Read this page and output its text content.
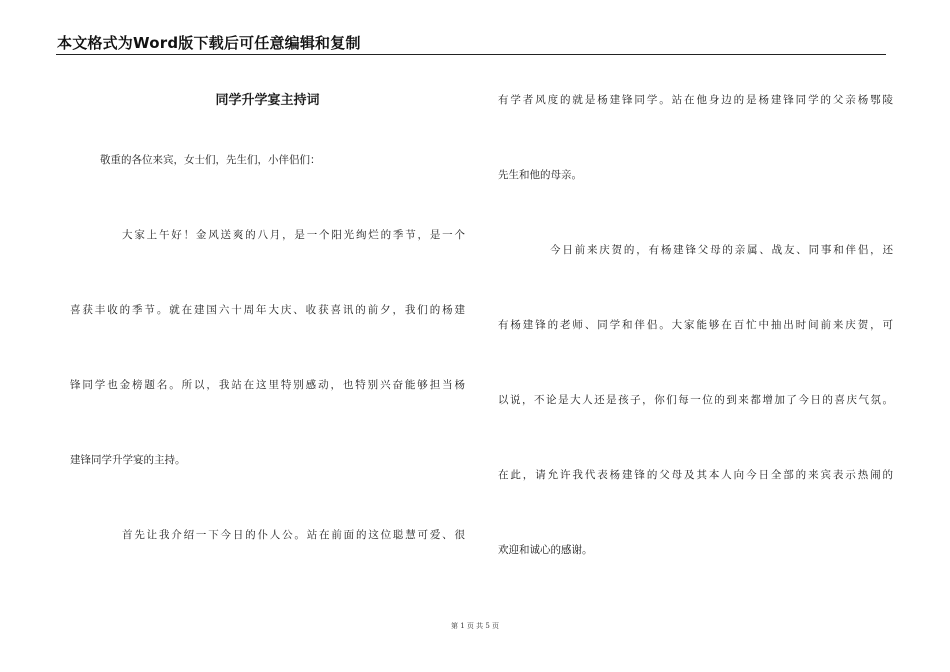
本文格式为Word版下载后可任意编辑和复制
同学升学宴主持词
敬重的各位来宾，女士们，先生们，小伴侣们：
大家上午好！金风送爽的八月，是一个阳光绚烂的季节，是一个
喜获丰收的季节。就在建国六十周年大庆、收获喜讯的前夕，我们的杨建
锋同学也金榜题名。所以，我站在这里特别感动，也特别兴奋能够担当杨
建锋同学升学宴的主持。
首先让我介绍一下今日的仆人公。站在前面的这位聪慧可爱、很
有学者风度的就是杨建锋同学。站在他身边的是杨建锋同学的父亲杨鄂陵
先生和他的母亲。
今日前来庆贺的，有杨建锋父母的亲属、战友、同事和伴侣，还
有杨建锋的老师、同学和伴侣。大家能够在百忙中抽出时间前来庆贺，可
以说，不论是大人还是孩子，你们每一位的到来都增加了今日的喜庆气氛。
在此，请允许我代表杨建锋的父母及其本人向今日全部的来宾表示热闹的
欢迎和诚心的感谢。
第 1 页 共 5 页
